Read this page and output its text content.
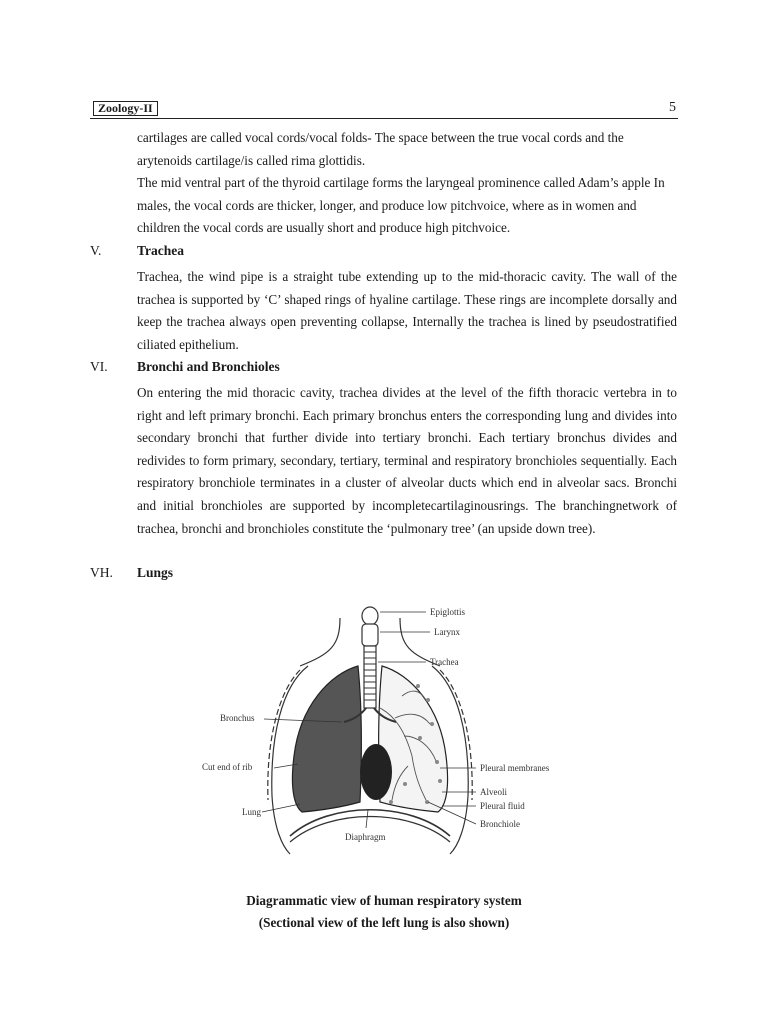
Zoology-II	5

cartilages are called vocal cords/vocal folds- The space between the true vocal cords and the arytenoids cartilage/is called rima glottidis.

The mid ventral part of the thyroid cartilage forms the laryngeal prominence called Adam’s apple In males, the vocal cords are thicker, longer, and produce low pitchvoice, where as in women and children the vocal cords are usually short and produce high pitchvoice.

V.	Trachea

Trachea, the wind pipe is a straight tube extending up to the mid-thoracic cavity. The wall of the trachea is supported by ‘C’ shaped rings of hyaline cartilage. These rings are incomplete dorsally and keep the trachea always open preventing collapse, Internally the trachea is lined by pseudostratified ciliated epithelium.

VI. Bronchi and Bronchioles

On entering the mid thoracic cavity, trachea divides at the level of the fifth thoracic vertebra in to right and left primary bronchi. Each primary bronchus enters the corresponding lung and divides into secondary bronchi that further divide into tertiary bronchi. Each tertiary bronchus divides and redivides to form primary, secondary, tertiary, terminal and respiratory bronchioles sequentially. Each respiratory bronchiole terminates in a cluster of alveolar ducts which end in alveolar sacs. Bronchi and initial bronchioles are supported by incompletecartilaginousrings. The branchingnetwork of trachea, bronchi and bronchioles constitute the ‘pulmonary tree’ (an upside down tree).

VH. Lungs
Epiglottis
Larynx
Trachea
Bronchus
Cut end of rib
Lung
Pleural membranes
Alveoli
Pleural fluid
Bronchiole
Diaphragm

Diagrammatic view of human respiratory system

(Sectional view of the left lung is also shown)
